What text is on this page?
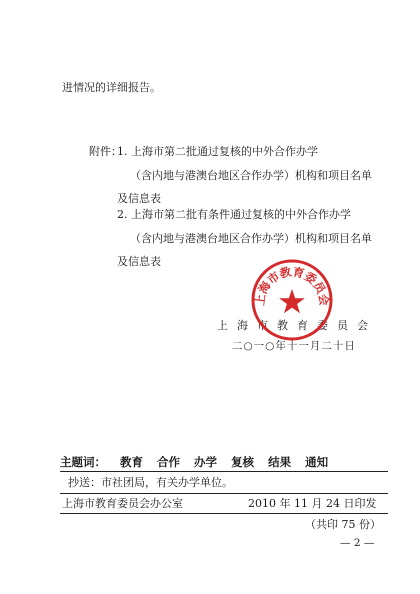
进情况的详细报告。
附件：
1. 上海市第二批通过复核的中外合作办学
（含内地与港澳台地区合作办学）机构和项目名单
及信息表
2. 上海市第二批有条件通过复核的中外合作办学
（含内地与港澳台地区合作办学）机构和项目名单
及信息表
上海市教育委员会
二○一○年十一月二十日
上海市教育委员会
主题词： 教育 合作 办学 复核 结果 通知
抄送：市社团局，有关办学单位。
上海市教育委员会办公室	2010 年 11 月 24 日印发
（共印 75 份）
— 2 —
